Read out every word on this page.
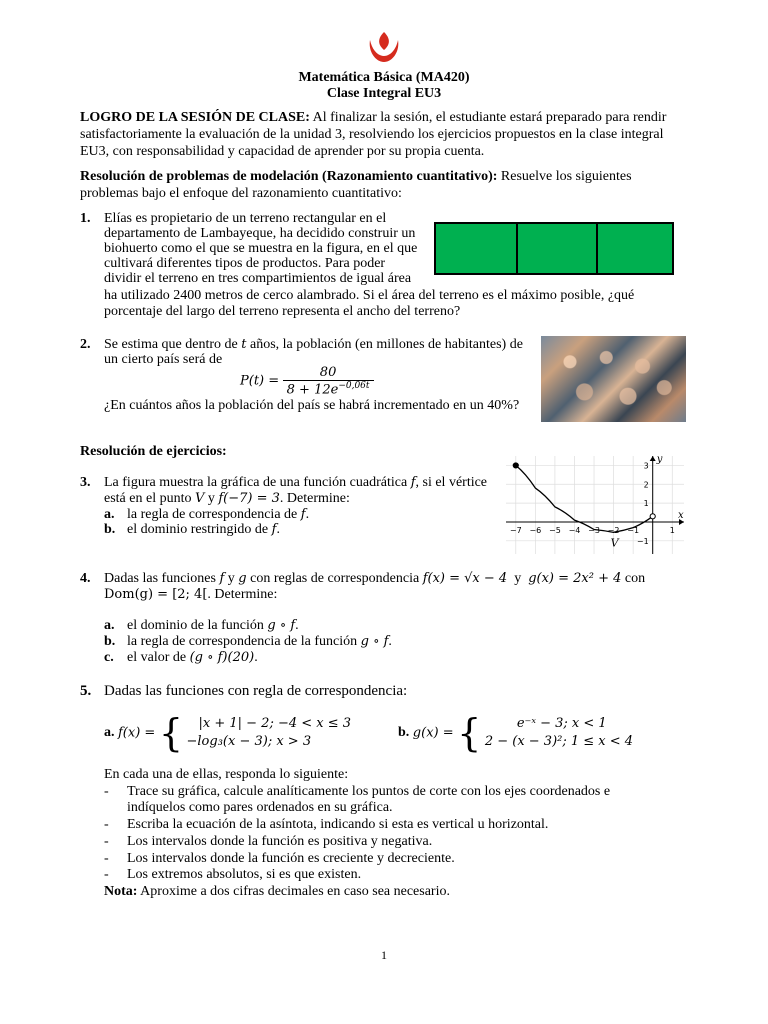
Matemática Básica (MA420)
Clase Integral EU3
LOGRO DE LA SESIÓN DE CLASE: Al finalizar la sesión, el estudiante estará preparado para rendir
satisfactoriamente la evaluación de la unidad 3, resolviendo los ejercicios propuestos en la clase integral
EU3, con responsabilidad y capacidad de aprender por su propia cuenta.
Resolución de problemas de modelación (Razonamiento cuantitativo): Resuelve los siguientes
problemas bajo el enfoque del razonamiento cuantitativo:
1. Elías es propietario de un terreno rectangular en el
departamento de Lambayeque, ha decidido construir un
biohuerto como el que se muestra en la figura, en el que
cultivará diferentes tipos de productos. Para poder
dividir el terreno en tres compartimientos de igual área
ha utilizado 2400 metros de cerco alambrado. Si el área del terreno es el máximo posible, ¿qué
porcentaje del largo del terreno representa el ancho del terreno?
2. Se estima que dentro de t años, la población (en millones de habitantes) de
un cierto país será de
$P(t) = \frac{80}{8 + 12e^{-0,06t}}$
¿En cuántos años la población del país se habrá incrementado en un 40%?
Resolución de ejercicios:
3. La figura muestra la gráfica de una función cuadrática f, si el vértice
está en el punto V y f(−7) = 3. Determine:
a. la regla de correspondencia de f.
b. el dominio restringido de f.
x
y
−7 −6 −5 −4 −3 −2 −1	1
3
2
1
−1
V
4. Dadas las funciones f y g con reglas de correspondencia f(x) = √x − 4  y  g(x) = 2x² + 4 con
Dom(g) = [2; 4[. Determine:
a. el dominio de la función g ∘ f.
b. la regla de correspondencia de la función g ∘ f.
c. el valor de (g ∘ f)(20).
5. Dadas las funciones con regla de correspondencia:
a. f(x) = {	|x + 1| − 2; −4 < x ≤ 3
−log₃(x − 3); x > 3
b. g(x) = {	e⁻ˣ − 3; x < 1
2 − (x − 3)²; 1 ≤ x < 4
En cada una de ellas, responda lo siguiente:
- Trace su gráfica, calcule analíticamente los puntos de corte con los ejes coordenados e
indíquelos como pares ordenados en su gráfica.
- Escriba la ecuación de la asíntota, indicando si esta es vertical u horizontal.
- Los intervalos donde la función es positiva y negativa.
- Los intervalos donde la función es creciente y decreciente.
- Los extremos absolutos, si es que existen.
Nota: Aproxime a dos cifras decimales en caso sea necesario.
1
